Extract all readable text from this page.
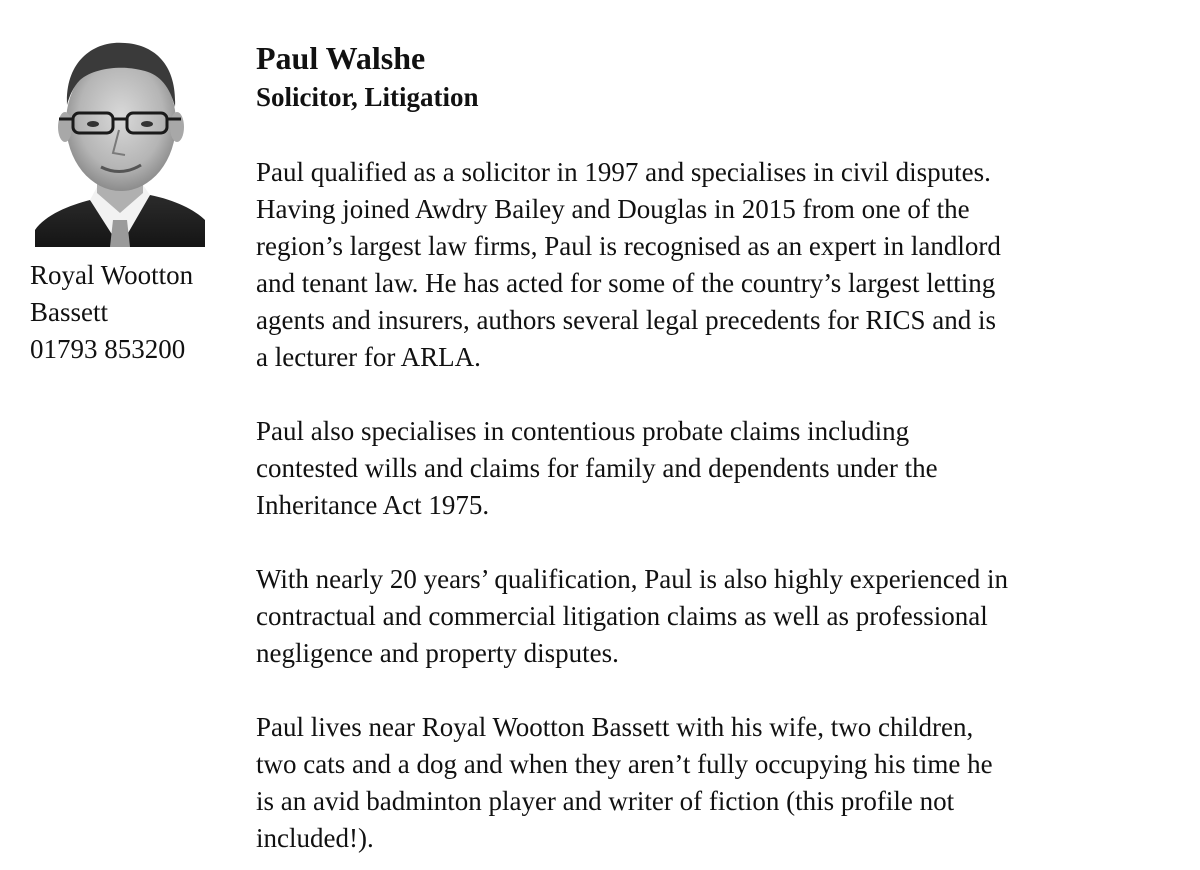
Royal Wootton
Bassett
01793 853200
Paul Walshe
Solicitor, Litigation

Paul qualified as a solicitor in 1997 and specialises in civil disputes.
Having joined Awdry Bailey and Douglas in 2015 from one of the
region’s largest law firms, Paul is recognised as an expert in landlord
and tenant law. He has acted for some of the country’s largest letting
agents and insurers, authors several legal precedents for RICS and is
a lecturer for ARLA.

Paul also specialises in contentious probate claims including
contested wills and claims for family and dependents under the
Inheritance Act 1975.

With nearly 20 years’ qualification, Paul is also highly experienced in
contractual and commercial litigation claims as well as professional
negligence and property disputes.

Paul lives near Royal Wootton Bassett with his wife, two children,
two cats and a dog and when they aren’t fully occupying his time he
is an avid badminton player and writer of fiction (this profile not
included!).
